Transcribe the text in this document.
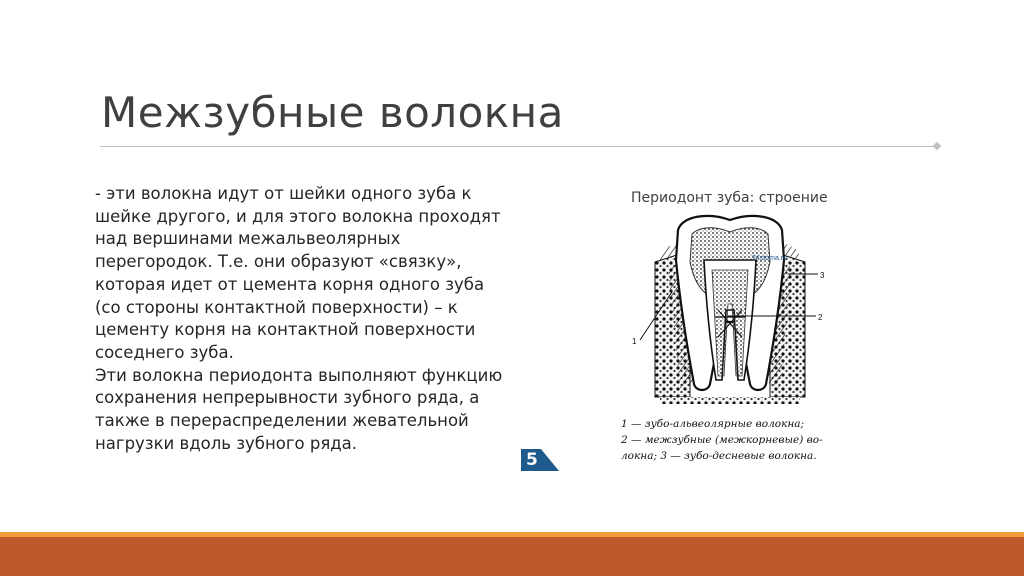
Межзубные волокна

- эти волокна идут от шейки одного зуба к шейке другого, и для этого волокна проходят над вершинами межальвеолярных перегородок. Т.е. они образуют «связку», которая идет от цемента корня одного зуба (со стороны контактной поверхности) – к цементу корня на контактной поверхности соседнего зуба.

Эти волокна периодонта выполняют функцию сохранения непрерывности зубного ряда, а также в перераспределении жевательной нагрузки вдоль зубного ряда.

5
Периодонт зуба: строение
24stoma.ru
3
2
1
1 — зубо-альвеолярные волокна;
2 — межзубные (межкорневые) во-
локна; 3 — зубо-десневые волокна.
